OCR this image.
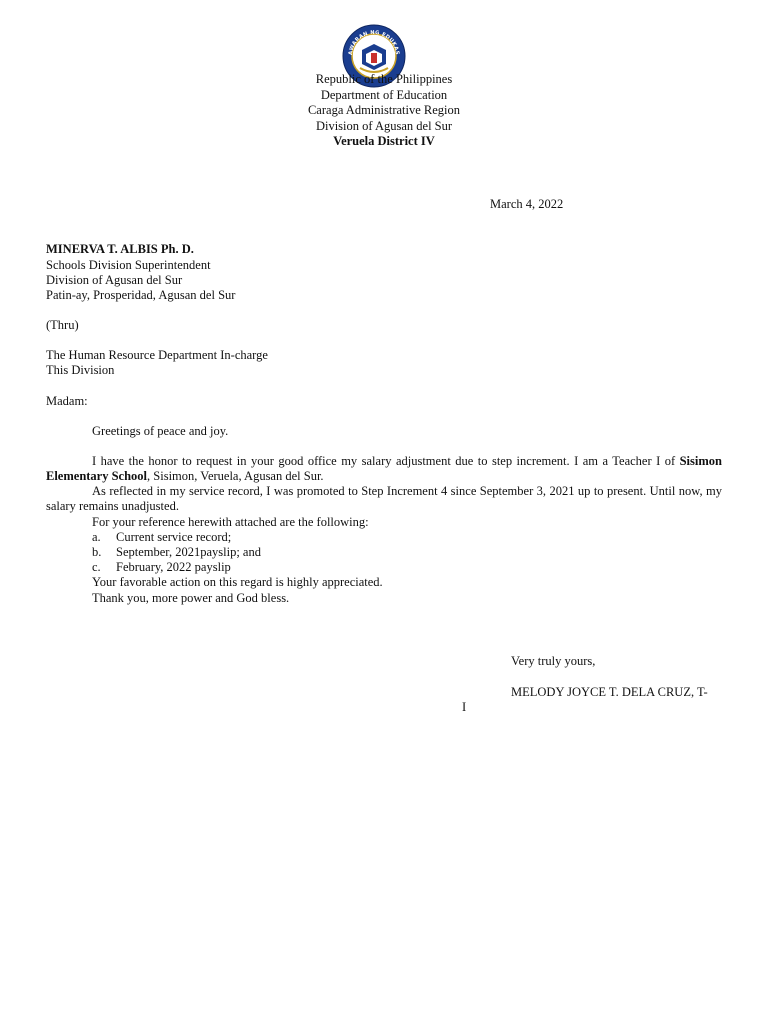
AWARAN NG EDUKAS
Republic of the Philippines
Department of Education
Caraga Administrative Region
Division of Agusan del Sur
Veruela District IV
March 4, 2022
MINERVA T. ALBIS Ph. D.
Schools Division Superintendent
Division of Agusan del Sur
Patin-ay, Prosperidad, Agusan del Sur
(Thru)
The Human Resource Department In-charge
This Division
Madam:
Greetings of peace and joy.
I have the honor to request in your good office my salary adjustment due to step increment. I am a Teacher I of Sisimon Elementary School, Sisimon, Veruela, Agusan del Sur.
As reflected in my service record, I was promoted to Step Increment 4 since September 3, 2021 up to present. Until now, my salary remains unadjusted.
For your reference herewith attached are the following:
a. Current service record;
b. September, 2021payslip; and
c. February, 2022 payslip
Your favorable action on this regard is highly appreciated.
Thank you, more power and God bless.
Very truly yours,
MELODY JOYCE T. DELA CRUZ, T-
I
